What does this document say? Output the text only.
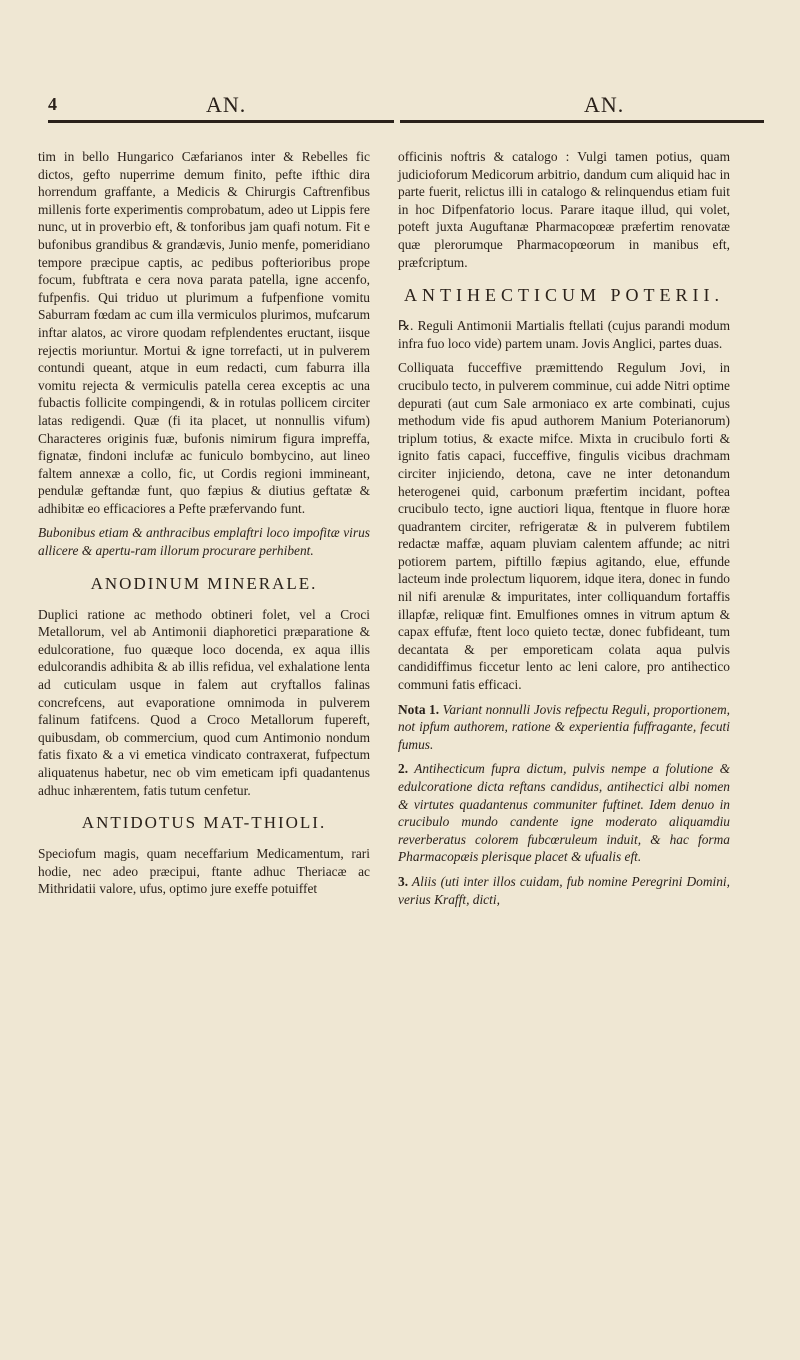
4	AN.	AN.

tim in bello Hungarico Cæfarianos inter & Rebelles fic dictos, gefto nuperrime demum finito, pefte ifthic dira horrendum graffante, a Medicis & Chirurgis Caftrenfibus millenis forte experimentis comprobatum, adeo ut Lippis fere nunc, ut in proverbio eft, & tonforibus jam quafi notum. Fit e bufonibus grandibus & grandævis, Junio menfe, pomeridiano tempore præcipue captis, ac pedibus pofterioribus prope focum, fubftrata e cera nova parata patella, igne accenfo, fufpenfis. Qui triduo ut plurimum a fufpenfione vomitu Saburram fœdam ac cum illa vermiculos plurimos, mufcarum inftar alatos, ac virore quodam refplendentes eructant, iisque rejectis moriuntur. Mortui & igne torrefacti, ut in pulverem contundi queant, atque in eum redacti, cum faburra illa vomitu rejecta & vermiculis patella cerea exceptis ac una fubactis follicite compingendi, & in rotulas pollicem circiter latas redigendi. Quæ (fi ita placet, ut nonnullis vifum) Characteres originis fuæ, bufonis nimirum figura impreffa, fignatæ, findoni inclufæ ac funiculo bombycino, aut lineo faltem annexæ a collo, fic, ut Cordis regioni immineant, pendulæ geftandæ funt, quo fæpius & diutius geftatæ & adhibitæ eo efficaciores a Pefte præfervando funt.

Bubonibus etiam & anthracibus emplaftri loco impofitæ virus allicere & apertu-ram illorum procurare perhibent.

ANODINUM MINERALE.

Duplici ratione ac methodo obtineri folet, vel a Croci Metallorum, vel ab Antimonii diaphoretici præparatione & edulcoratione, fuo quæque loco docenda, ex aqua illis edulcorandis adhibita & ab illis refidua, vel exhalatione lenta ad cuticulam usque in falem aut cryftallos falinas concrefcens, aut evaporatione omnimoda in pulverem falinum fatifcens. Quod a Croco Metallorum fupereft, quibusdam, ob commercium, quod cum Antimonio nondum fatis fixato & a vi emetica vindicato contraxerat, fufpectum aliquatenus habetur, nec ob vim emeticam ipfi quadantenus adhuc inhærentem, fatis tutum cenfetur.

ANTIDOTUS MAT-THIOLI.

Speciofum magis, quam neceffarium Medicamentum, rari hodie, nec adeo præcipui, ftante adhuc Theriacæ ac Mithridatii valore, ufus, optimo jure exeffe potuiffet

officinis noftris & catalogo : Vulgi tamen potius, quam judicioforum Medicorum arbitrio, dandum cum aliquid hac in parte fuerit, relictus illi in catalogo & relinquendus etiam fuit in hoc Difpenfatorio locus. Parare itaque illud, qui volet, poteft juxta Auguftanæ Pharmacopœæ præfertim renovatæ quæ plerorumque Pharmacopœorum in manibus eft, præfcriptum.

ANTIHECTICUM POTERII.

℞. Reguli Antimonii Martialis ftellati (cujus parandi modum infra fuo loco vide) partem unam. Jovis Anglici, partes duas.

Colliquata fucceffive præmittendo Regulum Jovi, in crucibulo tecto, in pulverem comminue, cui adde Nitri optime depurati (aut cum Sale armoniaco ex arte combinati, cujus methodum vide fis apud authorem Manium Poterianorum) triplum totius, & exacte mifce. Mixta in crucibulo forti & ignito fatis capaci, fucceffive, fingulis vicibus drachmam circiter injiciendo, detona, cave ne inter detonandum heterogenei quid, carbonum præfertim incidant, poftea crucibulo tecto, igne auctiori liqua, ftentque in fluore horæ quadrantem circiter, refrigeratæ & in pulverem fubtilem redactæ maffæ, aquam pluviam calentem affunde; ac nitri potiorem partem, piftillo fæpius agitando, elue, effunde lacteum inde prolectum liquorem, idque itera, donec in fundo nil nifi arenulæ & impuritates, inter colliquandum fortaffis illapfæ, reliquæ fint. Emulfiones omnes in vitrum aptum & capax effufæ, ftent loco quieto tectæ, donec fubfideant, tum decantata & per emporeticam colata aqua pulvis candidiffimus ficcetur lento ac leni calore, pro antihectico communi fatis efficaci.

Nota 1. Variant nonnulli Jovis refpectu Reguli, proportionem, not ipfum authorem, ratione & experientia fuffragante, fecuti fumus.

2. Antihecticum fupra dictum, pulvis nempe a folutione & edulcoratione dicta reftans candidus, antihectici albi nomen & virtutes quadantenus communiter fuftinet. Idem denuo in crucibulo mundo candente igne moderato aliquamdiu reverberatus colorem fubcœruleum induit, & hac forma Pharmacopæis plerisque placet & ufualis eft.

3. Aliis (uti inter illos cuidam, fub nomine Peregrini Domini, verius Krafft, dicti,
